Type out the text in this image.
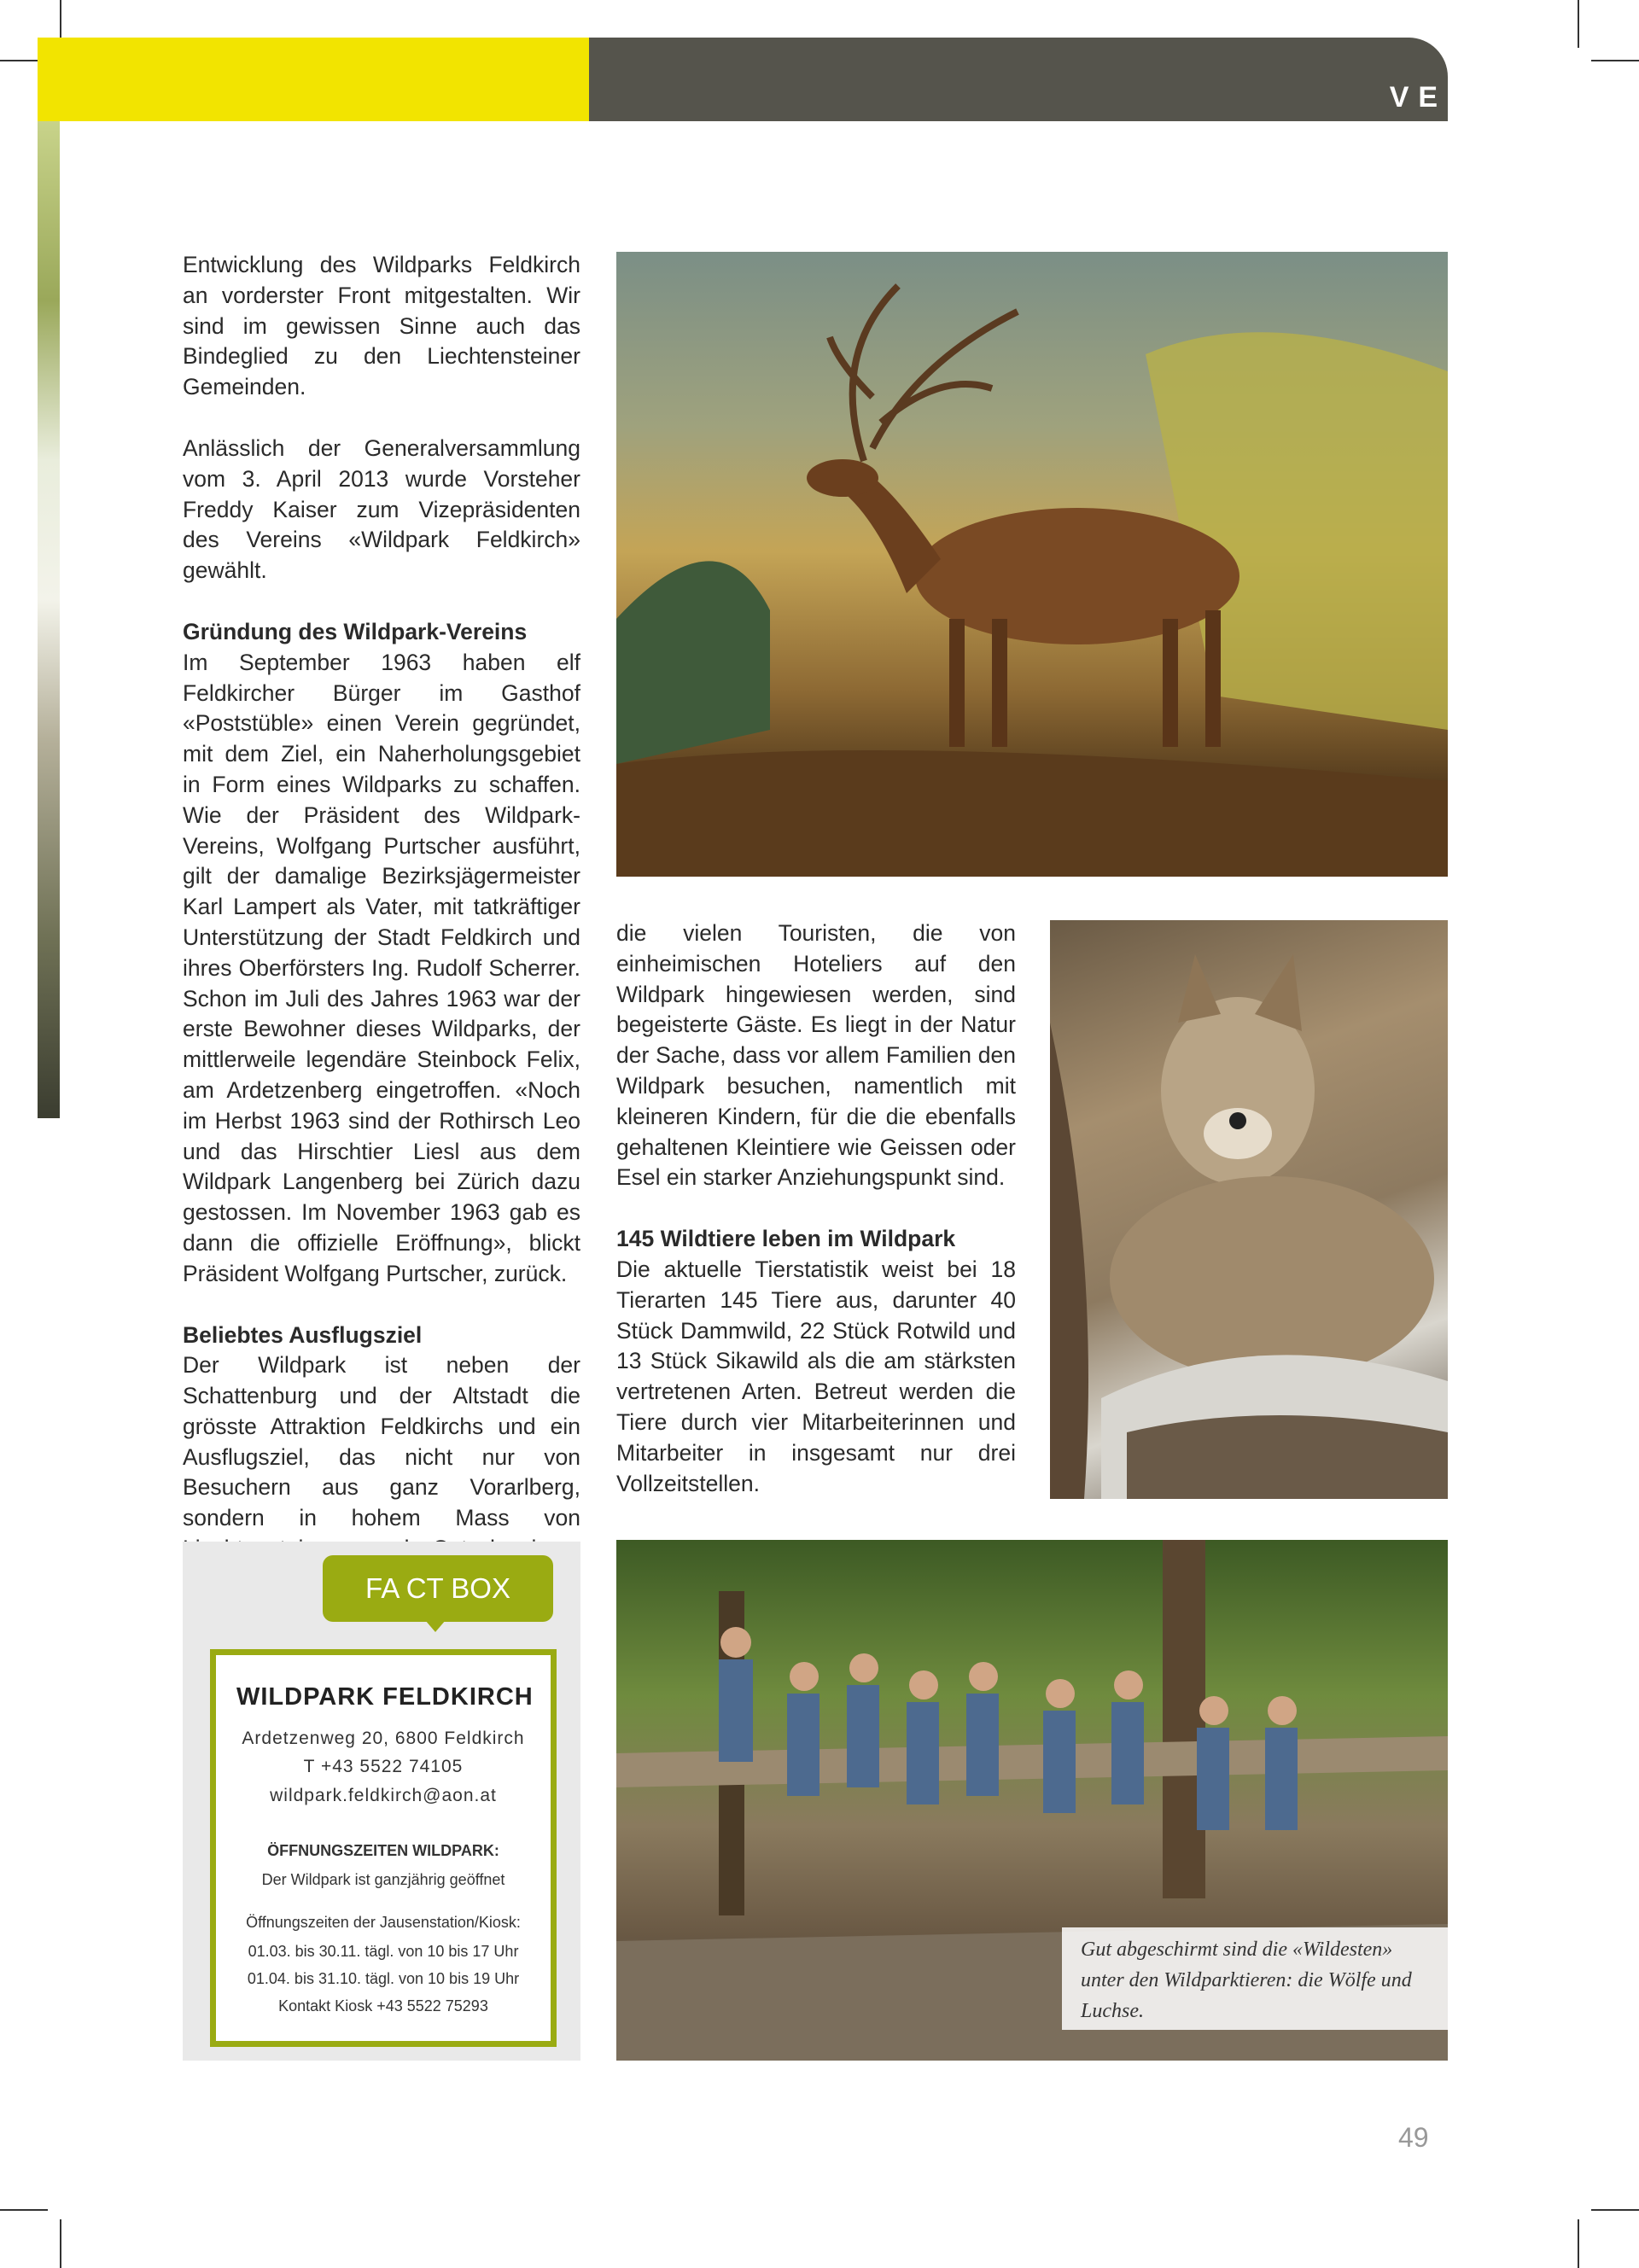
VEREINE

Entwicklung des Wildparks Feldkirch an vorderster Front mitgestalten. Wir sind im gewissen Sinne auch das Bindeglied zu den Liechtensteiner Gemeinden.

Anlässlich der Generalversammlung vom 3. April 2013 wurde Vorsteher Freddy Kaiser zum Vizepräsidenten des Vereins «Wildpark Feldkirch» gewählt.

Gründung des Wildpark-Vereins
Im September 1963 haben elf Feldkircher Bürger im Gasthof «Poststüble» einen Verein gegründet, mit dem Ziel, ein Naherholungsgebiet in Form eines Wildparks zu schaffen. Wie der Präsident des Wildpark-Vereins, Wolfgang Purtscher ausführt, gilt der damalige Bezirksjägermeister Karl Lampert als Vater, mit tatkräftiger Unterstützung der Stadt Feldkirch und ihres Oberförsters Ing. Rudolf Scherrer. Schon im Juli des Jahres 1963 war der erste Bewohner dieses Wildparks, der mittlerweile legendäre Steinbock Felix, am Ardetzenberg eingetroffen. «Noch im Herbst 1963 sind der Rothirsch Leo und das Hirschtier Liesl aus dem Wildpark Langenberg bei Zürich dazu gestossen. Im November 1963 gab es dann die offizielle Eröffnung», blickt Präsident Wolfgang Purtscher, zurück.

Beliebtes Ausflugsziel
Der Wildpark ist neben der Schattenburg und der Altstadt die grösste Attraktion Feldkirchs und ein Ausflugsziel, das nicht nur von Besuchern aus ganz Vorarlberg, sondern in hohem Mass von

die vielen Touristen, die von einheimischen Hoteliers auf den Wildpark hingewiesen werden, sind begeisterte Gäste. Es liegt in der Natur der Sache, dass vor allem Familien den Wildpark besuchen, namentlich mit kleineren Kindern, für die die ebenfalls gehaltenen Kleintiere wie Geissen oder Esel ein starker Anziehungspunkt sind.

145 Wildtiere leben im Wildpark
Die aktuelle Tierstatistik weist bei 18 Tierarten 145 Tiere aus, darunter 40 Stück Dammwild, 22 Stück Rotwild und 13 Stück Sikawild als die am stärksten vertretenen Arten. Betreut werden die Tiere durch vier Mitarbeiterinnen und Mitarbeiter in insgesamt nur drei Vollzeitstellen.

Gut abgeschirmt sind die «Wildesten» unter den Wildparktieren: die Wölfe und Luchse.
FA CT BOX
WILDPARK FELDKIRCH
Ardetzenweg 20, 6800 Feldkirch
T +43 5522 74105
wildpark.feldkirch@aon.at
ÖFFNUNGSZEITEN WILDPARK:
Der Wildpark ist ganzjährig geöffnet
Öffnungszeiten der Jausenstation/Kiosk:
01.03. bis 30.11. tägl. von 10 bis 17 Uhr
01.04. bis 31.10. tägl. von 10 bis 19 Uhr
Kontakt Kiosk +43 5522 75293
49
